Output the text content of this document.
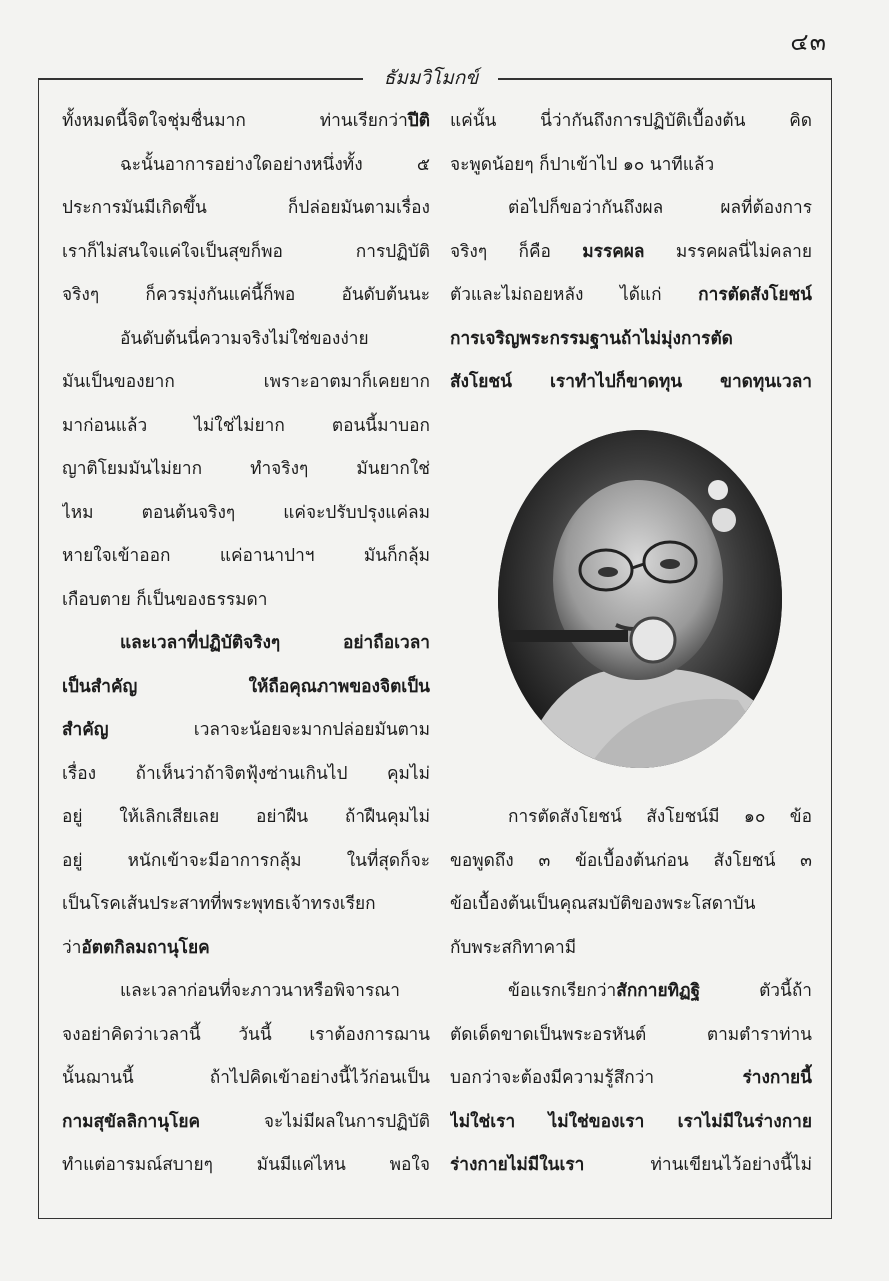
๔๓
ธัมมวิโมกข์
ทั้งหมดนี้จิตใจชุ่มชื่นมาก ท่านเรียกว่าปีติ
ฉะนั้นอาการอย่างใดอย่างหนึ่งทั้ง ๕
ประการมันมีเกิดขึ้น ก็ปล่อยมันตามเรื่อง
เราก็ไม่สนใจแค่ใจเป็นสุขก็พอ การปฏิบัติ
จริงๆ ก็ควรมุ่งกันแค่นี้ก็พอ อันดับต้นนะ
อันดับต้นนี่ความจริงไม่ใช่ของง่าย
มันเป็นของยาก เพราะอาตมาก็เคยยาก
มาก่อนแล้ว ไม่ใช่ไม่ยาก ตอนนี้มาบอก
ญาติโยมมันไม่ยาก ทำจริงๆ มันยากใช่
ไหม ตอนต้นจริงๆ แค่จะปรับปรุงแค่ลม
หายใจเข้าออก แค่อานาปาฯ มันก็กลุ้ม
เกือบตาย ก็เป็นของธรรมดา
และเวลาที่ปฏิบัติจริงๆ อย่าถือเวลา
เป็นสำคัญ ให้ถือคุณภาพของจิตเป็น
สำคัญ เวลาจะน้อยจะมากปล่อยมันตาม
เรื่อง ถ้าเห็นว่าถ้าจิตฟุ้งซ่านเกินไป คุมไม่
อยู่ ให้เลิกเสียเลย อย่าฝืน ถ้าฝืนคุมไม่
อยู่ หนักเข้าจะมีอาการกลุ้ม ในที่สุดก็จะ
เป็นโรคเส้นประสาทที่พระพุทธเจ้าทรงเรียก
ว่าอัตตกิลมถานุโยค
และเวลาก่อนที่จะภาวนาหรือพิจารณา
จงอย่าคิดว่าเวลานี้ วันนี้ เราต้องการฌาน
นั้นฌานนี้ ถ้าไปคิดเข้าอย่างนี้ไว้ก่อนเป็น
กามสุขัลลิกานุโยค จะไม่มีผลในการปฏิบัติ
ทำแต่อารมณ์สบายๆ มันมีแค่ไหน พอใจ
แค่นั้น นี่ว่ากันถึงการปฏิบัติเบื้องต้น คิด
จะพูดน้อยๆ ก็ปาเข้าไป ๑๐ นาทีแล้ว
ต่อไปก็ขอว่ากันถึงผล ผลที่ต้องการ
จริงๆ ก็คือ มรรคผล มรรคผลนี่ไม่คลาย
ตัวและไม่ถอยหลัง ได้แก่ การตัดสังโยชน์
การเจริญพระกรรมฐานถ้าไม่มุ่งการตัด
สังโยชน์ เราทำไปก็ขาดทุน ขาดทุนเวลา
การตัดสังโยชน์ สังโยชน์มี ๑๐ ข้อ
ขอพูดถึง ๓ ข้อเบื้องต้นก่อน สังโยชน์ ๓
ข้อเบื้องต้นเป็นคุณสมบัติของพระโสดาบัน
กับพระสกิทาคามี
ข้อแรกเรียกว่าสักกายทิฏฐิ ตัวนี้ถ้า
ตัดเด็ดขาดเป็นพระอรหันต์ ตามตำราท่าน
บอกว่าจะต้องมีความรู้สึกว่า ร่างกายนี้
ไม่ใช่เรา ไม่ใช่ของเรา เราไม่มีในร่างกาย
ร่างกายไม่มีในเรา ท่านเขียนไว้อย่างนี้ไม่
